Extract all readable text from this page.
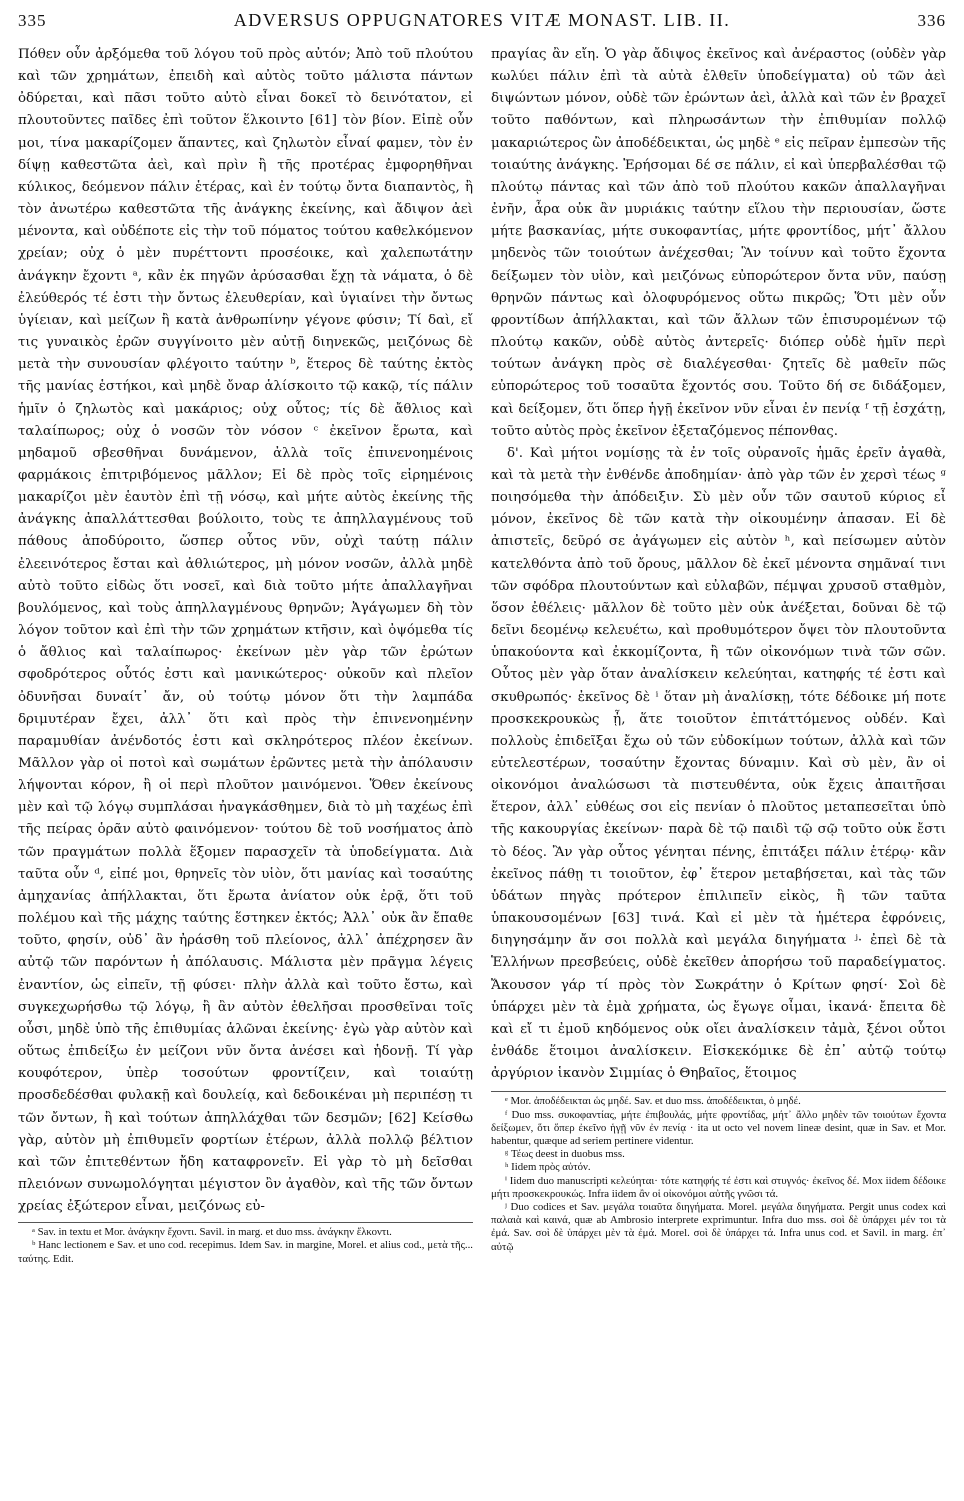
335	ADVERSUS OPPUGNATORES VITÆ MONAST. LIB. II.	336

Πόθεν οὖν ἀρξόμεθα τοῦ λόγου τοῦ πρὸς αὐτόν; Ἀπὸ τοῦ πλούτου καὶ τῶν χρημάτων, ἐπειδὴ καὶ αὐτὸς τοῦτο μάλιστα πάντων ὀδύρεται, καὶ πᾶσι τοῦτο αὐτὸ εἶναι δοκεῖ τὸ δεινότατον, εἰ πλουτοῦντες παῖδες ἐπὶ τοῦτον ἕλκοιντο [61] τὸν βίον. Εἰπὲ οὖν μοι, τίνα μακαρίζομεν ἅπαντες, καὶ ζηλωτὸν εἶναί φαμεν, τὸν ἐν δίψῃ καθεστῶτα ἀεὶ, καὶ πρὶν ἢ τῆς προτέρας ἐμφορηθῆναι κύλικος, δεόμενον πάλιν ἑτέρας, καὶ ἐν τούτῳ ὄντα διαπαντὸς, ἢ τὸν ἀνωτέρω καθεστῶτα τῆς ἀνάγκης ἐκείνης, καὶ ἄδιψον ἀεὶ μένοντα, καὶ οὐδέποτε εἰς τὴν τοῦ πόματος τούτου καθελκόμενον χρείαν; οὐχ ὁ μὲν πυρέττοντι προσέοικε, καὶ χαλεπωτάτην ἀνάγκην ἔχοντι ᵃ, κἂν ἐκ πηγῶν ἀρύσασθαι ἔχῃ τὰ νάματα, ὁ δὲ ἐλεύθερός τέ ἐστι τὴν ὄντως ἐλευθερίαν, καὶ ὑγιαίνει τὴν ὄντως ὑγίειαν, καὶ μείζων ἢ κατὰ ἀνθρωπίνην γέγονε φύσιν; Τί δαὶ, εἴ τις γυναικὸς ἐρῶν συγγίνοιτο μὲν αὐτῇ διηνεκῶς, μειζόνως δὲ μετὰ τὴν συνουσίαν φλέγοιτο ταύτην ᵇ, ἕτερος δὲ ταύτης ἐκτὸς τῆς μανίας ἑστήκοι, καὶ μηδὲ ὄναρ ἁλίσκοιτο τῷ κακῷ, τίς πάλιν ἡμῖν ὁ ζηλωτὸς καὶ μακάριος; οὐχ οὗτος; τίς δὲ ἄθλιος καὶ ταλαίπωρος; οὐχ ὁ νοσῶν τὸν νόσον ᶜ ἐκεῖνον ἔρωτα, καὶ μηδαμοῦ σβεσθῆναι δυνάμενον, ἀλλὰ τοῖς ἐπινενοημένοις φαρμάκοις ἐπιτριβόμενος μᾶλλον; Εἰ δὲ πρὸς τοῖς εἰρημένοις μακαρίζοι μὲν ἑαυτὸν ἐπὶ τῇ νόσῳ, καὶ μήτε αὐτὸς ἐκείνης τῆς ἀνάγκης ἀπαλλάττεσθαι βούλοιτο, τοὺς τε ἀπηλλαγμένους τοῦ πάθους ἀποδύροιτο, ὥσπερ οὗτος νῦν, οὐχὶ ταύτῃ πάλιν ἐλεεινότερος ἔσται καὶ ἀθλιώτερος, μὴ μόνον νοσῶν, ἀλλὰ μηδὲ αὐτὸ τοῦτο εἰδὼς ὅτι νοσεῖ, καὶ διὰ τοῦτο μήτε ἀπαλλαγῆναι βουλόμενος, καὶ τοὺς ἀπηλλαγμένους θρηνῶν; Ἀγάγωμεν δὴ τὸν λόγον τοῦτον καὶ ἐπὶ τὴν τῶν χρημάτων κτῆσιν, καὶ ὀψόμεθα τίς ὁ ἄθλιος καὶ ταλαίπωρος· ἐκείνων μὲν γὰρ τῶν ἐρώτων σφοδρότερος οὗτός ἐστι καὶ μανικώτερος· οὐκοῦν καὶ πλεῖον ὀδυνῆσαι δυναίτ᾽ ἄν, οὐ τούτῳ μόνον ὅτι τὴν λαμπάδα δριμυτέραν ἔχει, ἀλλ᾽ ὅτι καὶ πρὸς τὴν ἐπινενοημένην παραμυθίαν ἀνένδοτός ἐστι καὶ σκληρότερος πλέον ἐκείνων. Μᾶλλον γὰρ οἱ ποτοὶ καὶ σωμάτων ἐρῶντες μετὰ τὴν ἀπόλαυσιν λήψονται κόρον, ἢ οἱ περὶ πλοῦτον μαινόμενοι. Ὅθεν ἐκείνους μὲν καὶ τῷ λόγῳ συμπλάσαι ἠναγκάσθημεν, διὰ τὸ μὴ ταχέως ἐπὶ τῆς πείρας ὁρᾶν αὐτὸ φαινόμενον· τούτου δὲ τοῦ νοσήματος ἀπὸ τῶν πραγμάτων πολλὰ ἕξομεν παρασχεῖν τὰ ὑποδείγματα. Διὰ ταῦτα οὖν ᵈ, εἰπέ μοι, θρηνεῖς τὸν υἱὸν, ὅτι μανίας καὶ τοσαύτης ἀμηχανίας ἀπήλλακται, ὅτι ἔρωτα ἀνίατον οὐκ ἐρᾷ, ὅτι τοῦ πολέμου καὶ τῆς μάχης ταύτης ἕστηκεν ἐκτός; Ἀλλ᾽ οὐκ ἂν ἔπαθε τοῦτο, φησίν, οὐδ᾽ ἂν ἠράσθη τοῦ πλείονος, ἀλλ᾽ ἀπέχρησεν ἂν αὐτῷ τῶν παρόντων ἡ ἀπόλαυσις. Μάλιστα μὲν πρᾶγμα λέγεις ἐναντίον, ὡς εἰπεῖν, τῇ φύσει· πλὴν ἀλλὰ καὶ τοῦτο ἔστω, καὶ συγκεχωρήσθω τῷ λόγῳ, ἢ ἂν αὐτὸν ἐθελῆσαι προσθεῖναι τοῖς οὖσι, μηδὲ ὑπὸ τῆς ἐπιθυμίας ἁλῶναι ἐκείνης· ἐγὼ γὰρ αὐτὸν καὶ οὕτως ἐπιδείξω ἐν μείζονι νῦν ὄντα ἀνέσει καὶ ἡδονῇ. Τί γὰρ κουφότερον, ὑπὲρ τοσούτων φροντίζειν, καὶ τοιαύτῃ προσδεδέσθαι φυλακῇ καὶ δουλείᾳ, καὶ δεδοικέναι μὴ περιπέσῃ τι τῶν ὄντων, ἢ καὶ τούτων ἀπηλλάχθαι τῶν δεσμῶν; [62] Κείσθω γὰρ, αὐτὸν μὴ ἐπιθυμεῖν φορτίων ἑτέρων, ἀλλὰ πολλῷ βέλτιον καὶ τῶν ἐπιτεθέντων ἤδη καταφρονεῖν. Εἰ γὰρ τὸ μὴ δεῖσθαι πλειόνων συνωμολόγηται μέγιστον ὂν ἀγαθὸν, καὶ τῆς τῶν ὄντων χρείας ἐξώτερον εἶναι, μειζόνως εὐ-

ᵃ Sav. in textu et Mor. ἀνάγκην ἔχοντι. Savil. in marg. et duo mss. ἀνάγκην ἕλκοντι.

ᵇ Hanc lectionem e Sav. et uno cod. recepimus. Idem Sav. in margine, Morel. et alius cod., μετὰ τῆς... ταύτης. Edit.

πραγίας ἂν εἴη. Ὁ γὰρ ἄδιψος ἐκεῖνος καὶ ἀνέραστος (οὐδὲν γὰρ κωλύει πάλιν ἐπὶ τὰ αὐτὰ ἐλθεῖν ὑποδείγματα) οὐ τῶν ἀεὶ διψώντων μόνον, οὐδὲ τῶν ἐρώντων ἀεὶ, ἀλλὰ καὶ τῶν ἐν βραχεῖ τοῦτο παθόντων, καὶ πληρωσάντων τὴν ἐπιθυμίαν πολλῷ μακαριώτερος ὢν ἀποδέδεικται, ὡς μηδὲ ᵉ εἰς πεῖραν ἐμπεσὼν τῆς τοιαύτης ἀνάγκης. Ἐρήσομαι δέ σε πάλιν, εἰ καὶ ὑπερβαλέσθαι τῷ πλούτῳ πάντας καὶ τῶν ἀπὸ τοῦ πλούτου κακῶν ἀπαλλαγῆναι ἐνῆν, ἆρα οὐκ ἂν μυριάκις ταύτην εἵλου τὴν περιουσίαν, ὥστε μήτε βασκανίας, μήτε συκοφαντίας, μήτε φροντίδος, μήτ᾽ ἄλλου μηδενὸς τῶν τοιούτων ἀνέχεσθαι; Ἂν τοίνυν καὶ τοῦτο ἔχοντα δείξωμεν τὸν υἱὸν, καὶ μειζόνως εὐπορώτερον ὄντα νῦν, παύσῃ θρηνῶν πάντως καὶ ὀλοφυρόμενος οὕτω πικρῶς; Ὅτι μὲν οὖν φροντίδων ἀπήλλακται, καὶ τῶν ἄλλων τῶν ἐπισυρομένων τῷ πλούτῳ κακῶν, οὐδὲ αὐτὸς ἀντερεῖς· διόπερ οὐδὲ ἡμῖν περὶ τούτων ἀνάγκη πρὸς σὲ διαλέγεσθαι· ζητεῖς δὲ μαθεῖν πῶς εὐπορώτερος τοῦ τοσαῦτα ἔχοντός σου. Τοῦτο δή σε διδάξομεν, καὶ δείξομεν, ὅτι ὅπερ ἡγῇ ἐκεῖνον νῦν εἶναι ἐν πενίᾳ ᶠ τῇ ἐσχάτῃ, τοῦτο αὐτὸς πρὸς ἐκεῖνον ἐξεταζόμενος πέπονθας.

δ'. Καὶ μήτοι νομίσῃς τὰ ἐν τοῖς οὐρανοῖς ἡμᾶς ἐρεῖν ἀγαθὰ, καὶ τὰ μετὰ τὴν ἐνθένδε ἀποδημίαν· ἀπὸ γὰρ τῶν ἐν χερσὶ τέως ᵍ ποιησόμεθα τὴν ἀπόδειξιν. Σὺ μὲν οὖν τῶν σαυτοῦ κύριος εἶ μόνον, ἐκεῖνος δὲ τῶν κατὰ τὴν οἰκουμένην ἁπασαν. Εἰ δὲ ἀπιστεῖς, δεῦρό σε ἀγάγωμεν εἰς αὐτὸν ʰ, καὶ πείσωμεν αὐτὸν κατελθόντα ἀπὸ τοῦ ὄρους, μᾶλλον δὲ ἐκεῖ μένοντα σημᾶναί τινι τῶν σφόδρα πλουτούντων καὶ εὐλαβῶν, πέμψαι χρυσοῦ σταθμὸν, ὅσον ἐθέλεις· μᾶλλον δὲ τοῦτο μὲν οὐκ ἀνέξεται, δοῦναι δὲ τῷ δεῖνι δεομένῳ κελευέτω, καὶ προθυμότερον ὄψει τὸν πλουτοῦντα ὑπακούοντα καὶ ἐκκομίζοντα, ἢ τῶν οἰκονόμων τινὰ τῶν σῶν. Οὗτος μὲν γὰρ ὅταν ἀναλίσκειν κελεύηται, κατηφής τέ ἐστι καὶ σκυθρωπός· ἐκεῖνος δὲ ⁱ ὅταν μὴ ἀναλίσκῃ, τότε δέδοικε μή ποτε προσκεκρουκὼς ᾖ, ἅτε τοιοῦτον ἐπιτάττόμενος οὐδέν. Καὶ πολλοὺς ἐπιδεῖξαι ἔχω οὐ τῶν εὐδοκίμων τούτων, ἀλλὰ καὶ τῶν εὐτελεστέρων, τοσαύτην ἔχοντας δύναμιν. Καὶ σὺ μὲν, ἂν οἱ οἰκονόμοι ἀναλώσωσι τὰ πιστευθέντα, οὐκ ἔχεις ἀπαιτῆσαι ἕτερον, ἀλλ᾽ εὐθέως σοι εἰς πενίαν ὁ πλοῦτος μεταπεσεῖται ὑπὸ τῆς κακουργίας ἐκείνων· παρὰ δὲ τῷ παιδὶ τῷ σῷ τοῦτο οὐκ ἔστι τὸ δέος. Ἂν γὰρ οὗτος γένηται πένης, ἐπιτάξει πάλιν ἑτέρῳ· κἂν ἐκεῖνος πάθῃ τι τοιοῦτον, ἐφ᾽ ἕτερον μεταβήσεται, καὶ τὰς τῶν ὑδάτων πηγὰς πρότερον ἐπιλιπεῖν εἰκὸς, ἢ τῶν ταῦτα ὑπακουσομένων [63] τινά. Καὶ εἰ μὲν τὰ ἡμέτερα ἐφρόνεις, διηγησάμην ἄν σοι πολλὰ καὶ μεγάλα διηγήματα ʲ· ἐπεὶ δὲ τὰ Ἑλλήνων πρεσβεύεις, οὐδὲ ἐκεῖθεν ἀπορήσω τοῦ παραδείγματος. Ἄκουσον γάρ τί πρὸς τὸν Σωκράτην ὁ Κρίτων φησί· Σοὶ δὲ ὑπάρχει μὲν τὰ ἐμὰ χρήματα, ὡς ἔγωγε οἶμαι, ἱκανά· ἔπειτα δὲ καὶ εἴ τι ἐμοῦ κηδόμενος οὐκ οἴει ἀναλίσκειν τἀμὰ, ξένοι οὗτοι ἐνθάδε ἕτοιμοι ἀναλίσκειν. Εἰσκεκόμικε δὲ ἐπ᾽ αὐτῷ τούτῳ ἀργύριον ἱκανὸν Σιμμίας ὁ Θηβαῖος, ἕτοιμος

ᵉ Mor. ἀποδέδεικται ὡς μηδέ. Sav. et duo mss. ἀποδέδεικται, ὁ μηδέ.

ᶠ Duo mss. συκοφαντίας, μήτε ἐπιβουλάς, μήτε φροντίδας, μήτ᾽ ἄλλο μηδὲν τῶν τοιούτων ἔχοντα δείξωμεν, ὅτι ὅπερ ἐκεῖνο ἡγῇ νῦν ἐν πενίᾳ · ita ut octo vel novem lineæ desint, quæ in Sav. et Mor. habentur, quæque ad seriem pertinere videntur.

ᵍ Τέως deest in duobus mss.

ʰ Iidem πρὸς αὐτόν.

ⁱ Iidem duo manuscripti κελεύηται· τότε κατηφής τέ ἐστι καὶ στυγνός· ἐκεῖνος δέ. Mox iidem δέδοικε μήτι προσκεκρουκώς. Infra iidem ἂν οἱ οἰκονόμοι αὐτῆς γνῶσι τά.

ʲ Duo codices et Sav. μεγάλα τοιαῦτα διηγήματα. Morel. μεγάλα διηγήματα. Pergit unus codex καὶ παλαιὰ καὶ καινά, quæ ab Ambrosio interprete exprimuntur. Infra duo mss. σοὶ δὲ ὑπάρχει μέν τοι τὰ ἐμά. Sav. σοὶ δὲ ὑπάρχει μὲν τὰ ἐμά. Morel. σοὶ δὲ ὑπάρχει τά. Infra unus cod. et Savil. in marg. ἐπ᾽ αὐτῷ
